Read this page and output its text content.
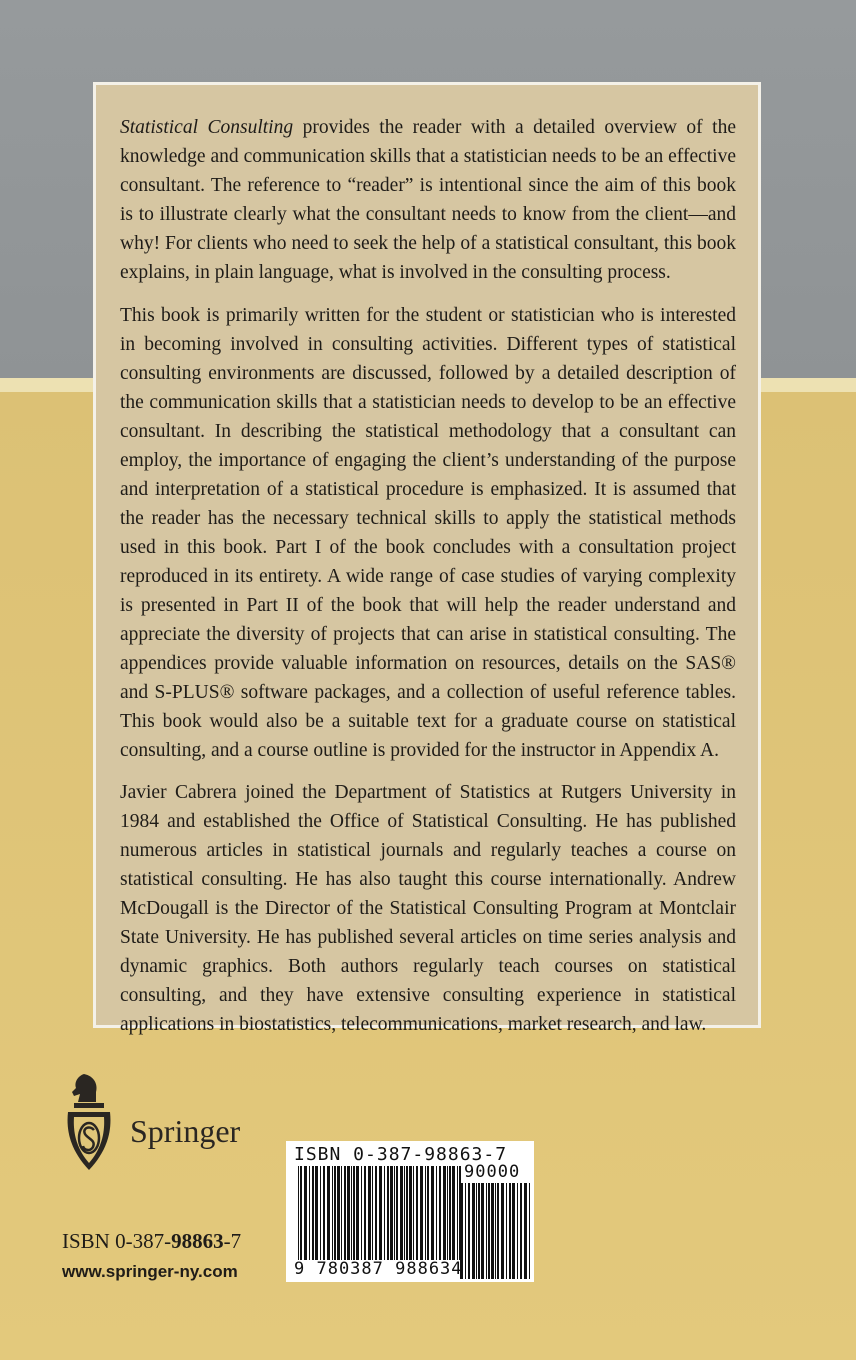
Statistical Consulting provides the reader with a detailed overview of the knowledge and communication skills that a statistician needs to be an effective consultant. The reference to “reader” is intentional since the aim of this book is to illustrate clearly what the consultant needs to know from the client—and why! For clients who need to seek the help of a statistical consultant, this book explains, in plain language, what is involved in the consulting process.

This book is primarily written for the student or statistician who is interested in becoming involved in consulting activities. Different types of statistical consulting environments are discussed, followed by a detailed description of the communication skills that a statistician needs to develop to be an effective consultant. In describing the statistical methodology that a consultant can employ, the importance of engaging the client’s understanding of the purpose and interpretation of a statistical procedure is emphasized. It is assumed that the reader has the necessary technical skills to apply the statistical methods used in this book. Part I of the book concludes with a consultation project reproduced in its entirety. A wide range of case studies of varying complexity is presented in Part II of the book that will help the reader understand and appreciate the diversity of projects that can arise in statistical consulting. The appendices provide valuable information on resources, details on the SAS® and S-PLUS® software packages, and a collection of useful reference tables. This book would also be a suitable text for a graduate course on statistical consulting, and a course outline is provided for the instructor in Appendix A.

Javier Cabrera joined the Department of Statistics at Rutgers University in 1984 and established the Office of Statistical Consulting. He has published numerous articles in statistical journals and regularly teaches a course on statistical consulting. He has also taught this course internationally. Andrew McDougall is the Director of the Statistical Consulting Program at Montclair State University. He has published several articles on time series analysis and dynamic graphics. Both authors regularly teach courses on statistical consulting, and they have extensive consulting experience in statistical applications in biostatistics, telecommunications, market research, and law.

Springer
ISBN 0-387-98863-7
www.springer-ny.com
ISBN 0-387-98863-7
90000
9 780387 988634
